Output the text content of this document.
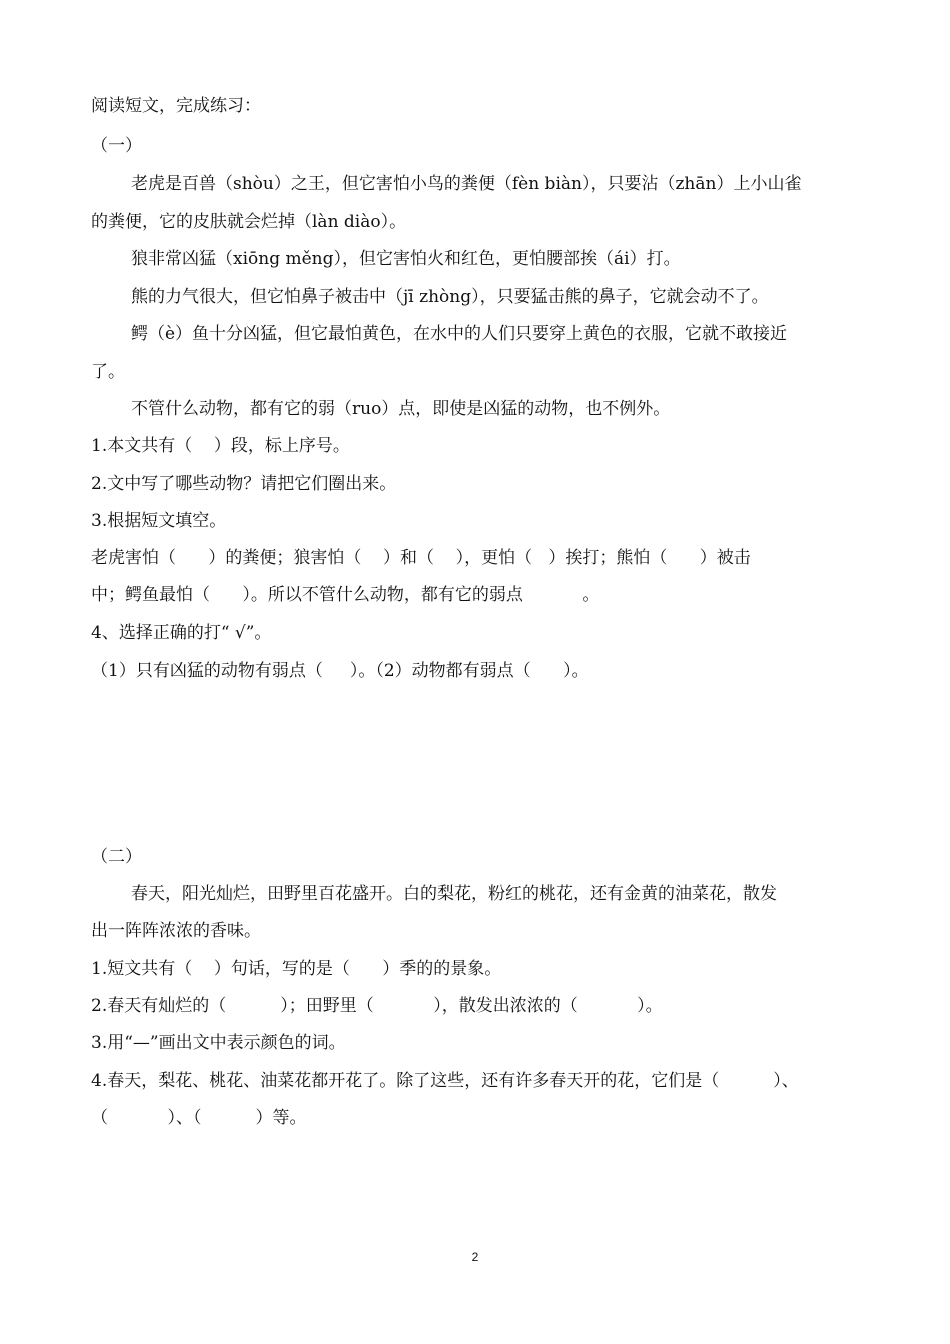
阅读短文，完成练习：
（一）
老虎是百兽（shòu）之王，但它害怕小鸟的粪便（fèn biàn），只要沾（zhān）上小山雀
的粪便，它的皮肤就会烂掉（làn diào）。
狼非常凶猛（xiōng měng），但它害怕火和红色，更怕腰部挨（ái）打。
熊的力气很大，但它怕鼻子被击中（jī zhòng），只要猛击熊的鼻子，它就会动不了。
鳄（è）鱼十分凶猛，但它最怕黄色，在水中的人们只要穿上黄色的衣服，它就不敢接近
了。
不管什么动物，都有它的弱（ruo）点，即使是凶猛的动物，也不例外。
1.本文共有（    ）段，标上序号。
2.文中写了哪些动物？请把它们圈出来。
3.根据短文填空。
老虎害怕（      ）的粪便；狼害怕（    ）和（    ），更怕（   ）挨打；熊怕（      ）被击
中；鳄鱼最怕（      ）。所以不管什么动物，都有它的弱点           。
4、选择正确的打“ √”。
（1）只有凶猛的动物有弱点（     ）。（2）动物都有弱点（      ）。
（二）
春天，阳光灿烂，田野里百花盛开。白的梨花，粉红的桃花，还有金黄的油菜花，散发
出一阵阵浓浓的香味。
1.短文共有（    ）句话，写的是（      ）季的的景象。
2.春天有灿烂的（          ）；田野里（           ），散发出浓浓的（           ）。
3.用“—”画出文中表示颜色的词。
4.春天，梨花、桃花、油菜花都开花了。除了这些，还有许多春天开的花，它们是（          ）、
（           ）、（          ）等。
2
